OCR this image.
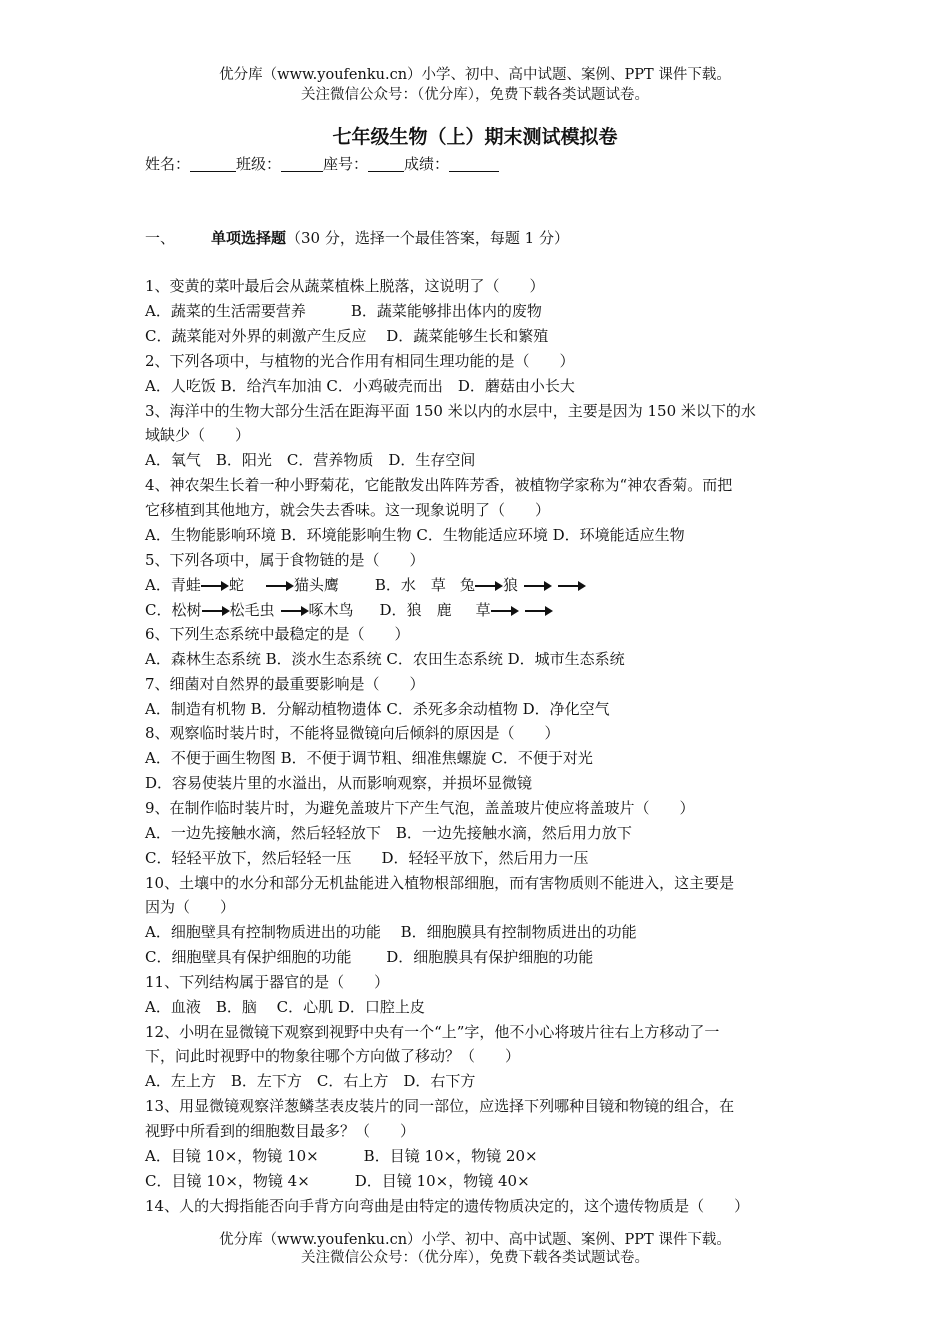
优分库（www.youfenku.cn）小学、初中、高中试题、案例、PPT 课件下载。
关注微信公众号：（优分库），免费下载各类试题试卷。
七年级生物（上）期末测试模拟卷
姓名：	班级：	座号： 成绩：
一、 单项选择题（30 分，选择一个最佳答案，每题 1 分）
1、变黄的菜叶最后会从蔬菜植株上脱落，这说明了（　　）
A．蔬菜的生活需要营养　　　B．蔬菜能够排出体内的废物
C．蔬菜能对外界的刺激产生反应　 D．蔬菜能够生长和繁殖
2、下列各项中，与植物的光合作用有相同生理功能的是（　　）
A．人吃饭 B．给汽车加油 C．小鸡破壳而出　D．蘑菇由小长大
3、海洋中的生物大部分生活在距海平面 150 米以内的水层中，主要是因为 150 米以下的水
域缺少（　　）
A．氧气　B．阳光　C．营养物质　D．生存空间
4、神农架生长着一种小野菊花，它能散发出阵阵芳香，被植物学家称为“神农香菊。而把
它移植到其他地方，就会失去香味。这一现象说明了（　　）
A．生物能影响环境 B．环境能影响生物 C．生物能适应环境 D．环境能适应生物
5、下列各项中，属于食物链的是（　　）
A．青蛙 蛇	猫头鹰 B．水　草 兔 狼
C．松树 松毛虫 啄木鸟 D．狼　鹿 草
6、下列生态系统中最稳定的是（　　）
A．森林生态系统 B．淡水生态系统 C．农田生态系统 D．城市生态系统
7、细菌对自然界的最重要影响是（　　）
A．制造有机物 B．分解动植物遗体 C．杀死多余动植物 D．净化空气
8、观察临时装片时，不能将显微镜向后倾斜的原因是（　　）
A．不便于画生物图 B．不便于调节粗、细准焦螺旋 C．不便于对光
D．容易使装片里的水溢出，从而影响观察，并损坏显微镜
9、在制作临时装片时，为避免盖玻片下产生气泡，盖盖玻片使应将盖玻片（　　）
A．一边先接触水滴，然后轻轻放下　B．一边先接触水滴，然后用力放下
C．轻轻平放下，然后轻轻一压　　D．轻轻平放下，然后用力一压
10、土壤中的水分和部分无机盐能进入植物根部细胞，而有害物质则不能进入，这主要是
因为（　　）
A．细胞壁具有控制物质进出的功能　 B．细胞膜具有控制物质进出的功能
C．细胞壁具有保护细胞的功能　　 D．细胞膜具有保护细胞的功能
11、下列结构属于器官的是（　　）
A．血液　B．脑　 C．心肌 D．口腔上皮
12、小明在显微镜下观察到视野中央有一个“上”字，他不小心将玻片往右上方移动了一
下，问此时视野中的物象往哪个方向做了移动？（　　）
A．左上方　B．左下方　C．右上方　D．右下方
13、用显微镜观察洋葱鳞茎表皮装片的同一部位，应选择下列哪种目镜和物镜的组合，在
视野中所看到的细胞数目最多？（　　）
A．目镜 10×，物镜 10×　　　B．目镜 10×，物镜 20×
C．目镜 10×，物镜 4×　　　D．目镜 10×，物镜 40×
14、人的大拇指能否向手背方向弯曲是由特定的遗传物质决定的，这个遗传物质是（　　）
优分库（www.youfenku.cn）小学、初中、高中试题、案例、PPT 课件下载。
关注微信公众号：（优分库），免费下载各类试题试卷。
